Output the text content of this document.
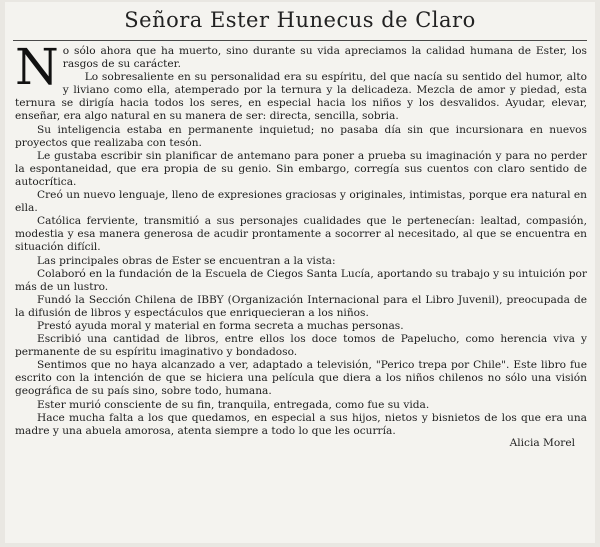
Señora Ester Hunecus de Claro

No sólo ahora que ha muerto, sino durante su vida apreciamos la calidad humana de Ester, los rasgos de su carácter.

Lo sobresaliente en su personalidad era su espíritu, del que nacía su sentido del humor, alto y liviano como ella, atemperado por la ternura y la delicadeza. Mezcla de amor y piedad, esta ternura se dirigía hacia todos los seres, en especial hacia los niños y los desvalidos. Ayudar, elevar, enseñar, era algo natural en su manera de ser: directa, sencilla, sobria.

Su inteligencia estaba en permanente inquietud; no pasaba día sin que incursionara en nuevos proyectos que realizaba con tesón.

Le gustaba escribir sin planificar de antemano para poner a prueba su imaginación y para no perder la espontaneidad, que era propia de su genio. Sin embargo, corregía sus cuentos con claro sentido de autocrítica.

Creó un nuevo lenguaje, lleno de expresiones graciosas y originales, intimistas, porque era natural en ella.

Católica ferviente, transmitió a sus personajes cualidades que le pertenecían: lealtad, compasión, modestia y esa manera generosa de acudir prontamente a socorrer al necesitado, al que se encuentra en situación difícil.

Las principales obras de Ester se encuentran a la vista:

Colaboró en la fundación de la Escuela de Ciegos Santa Lucía, aportando su trabajo y su intuición por más de un lustro.

Fundó la Sección Chilena de IBBY (Organización Internacional para el Libro Juvenil), preocupada de la difusión de libros y espectáculos que enriquecieran a los niños.

Prestó ayuda moral y material en forma secreta a muchas personas.

Escribió una cantidad de libros, entre ellos los doce tomos de Papelucho, como herencia viva y permanente de su espíritu imaginativo y bondadoso.

Sentimos que no haya alcanzado a ver, adaptado a televisión, "Perico trepa por Chile". Este libro fue escrito con la intención de que se hiciera una película que diera a los niños chilenos no sólo una visión geográfica de su país sino, sobre todo, humana.

Ester murió consciente de su fin, tranquila, entregada, como fue su vida.

Hace mucha falta a los que quedamos, en especial a sus hijos, nietos y bisnietos de los que era una madre y una abuela amorosa, atenta siempre a todo lo que les ocurría.

Alicia Morel
